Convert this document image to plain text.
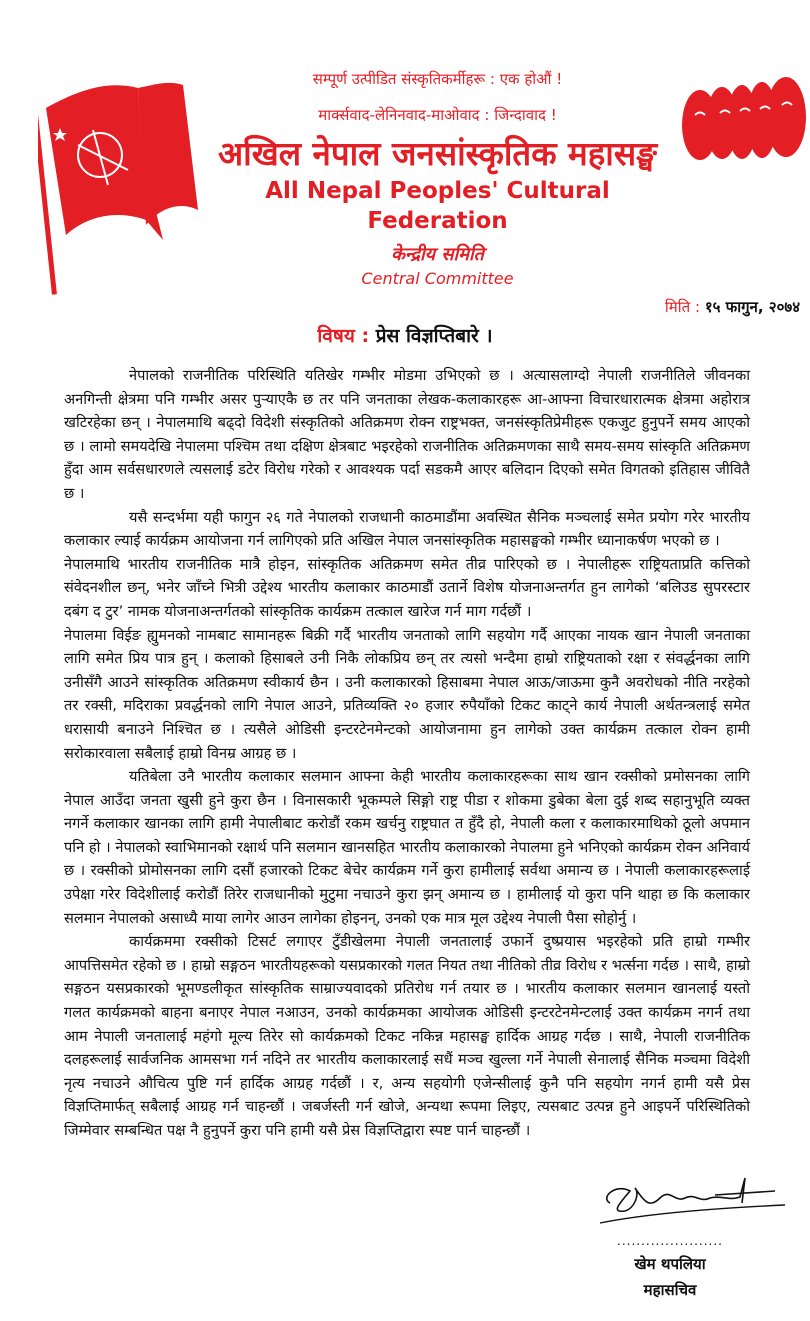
सम्पूर्ण उत्पीडित संस्कृतिकर्मीहरू : एक होऔं !
मार्क्सवाद-लेनिनवाद-माओवाद : जिन्दावाद !
अखिल नेपाल जनसांस्कृतिक महासङ्घ
All Nepal Peoples' Cultural Federation
केन्द्रीय समिति
Central Committee
मिति : १५ फागुन, २०७४
विषय : प्रेस विज्ञप्तिबारे ।

नेपालको राजनीतिक परिस्थिति यतिखेर गम्भीर मोडमा उभिएको छ । अत्यासलाग्दो नेपाली राजनीतिले जीवनका अनगिन्ती क्षेत्रमा पनि गम्भीर असर पुऱ्याएकै छ तर पनि जनताका लेखक-कलाकारहरू आ-आफ्ना विचारधारात्मक क्षेत्रमा अहोरात्र खटिरहेका छन् । नेपालमाथि बढ्दो विदेशी संस्कृतिको अतिक्रमण रोक्न राष्ट्रभक्त, जनसंस्कृतिप्रेमीहरू एकजुट हुनुपर्ने समय आएको छ । लामो समयदेखि नेपालमा पश्चिम तथा दक्षिण क्षेत्रबाट भइरहेको राजनीतिक अतिक्रमणका साथै समय-समय सांस्कृति अतिक्रमण हुँदा आम सर्वसधारणले त्यसलाई डटेर विरोध गरेको र आवश्यक पर्दा सडकमै आएर बलिदान दिएको समेत विगतको इतिहास जीवितै छ ।

यसै सन्दर्भमा यही फागुन २६ गते नेपालको राजधानी काठमाडौंमा अवस्थित सैनिक मञ्चलाई समेत प्रयोग गरेर भारतीय कलाकार ल्याई कार्यक्रम आयोजना गर्न लागिएको प्रति अखिल नेपाल जनसांस्कृतिक महासङ्घको गम्भीर ध्यानाकर्षण भएको छ ।

नेपालमाथि भारतीय राजनीतिक मात्रै होइन, सांस्कृतिक अतिक्रमण समेत तीव्र पारिएको छ । नेपालीहरू राष्ट्रियताप्रति कत्तिको संवेदनशील छन्, भनेर जाँच्ने भित्री उद्देश्य भारतीय कलाकार काठमाडौं उतार्ने विशेष योजनाअन्तर्गत हुन लागेको ‘बलिउड सुपरस्टार दबंग द टुर’ नामक योजनाअन्तर्गतको सांस्कृतिक कार्यक्रम तत्काल खारेज गर्न माग गर्दछौं ।

नेपालमा विईङ ह्युमनको नामबाट सामानहरू बिक्री गर्दै भारतीय जनताको लागि सहयोग गर्दै आएका नायक खान नेपाली जनताका लागि समेत प्रिय पात्र हुन् । कलाको हिसाबले उनी निकै लोकप्रिय छन् तर त्यसो भन्दैमा हाम्रो राष्ट्रियताको रक्षा र संवर्द्धनका लागि उनीसँगै आउने सांस्कृतिक अतिक्रमण स्वीकार्य छैन । उनी कलाकारको हिसाबमा नेपाल आऊ/जाऊमा कुनै अवरोधको नीति नरहेको तर रक्सी, मदिराका प्रवर्द्धनको लागि नेपाल आउने, प्रतिव्यक्ति २० हजार रुपैयाँको टिकट काट्ने कार्य नेपाली अर्थतन्त्रलाई समेत धरासायी बनाउने निश्चित छ । त्यसैले ओडिसी इन्टरटेनमेन्टको आयोजनामा हुन लागेको उक्त कार्यक्रम तत्काल रोक्न हामी सरोकारवाला सबैलाई हाम्रो विनम्र आग्रह छ ।

यतिबेला उनै भारतीय कलाकार सलमान आफ्ना केही भारतीय कलाकारहरूका साथ खान रक्सीको प्रमोसनका लागि नेपाल आउँदा जनता खुसी हुने कुरा छैन । विनासकारी भूकम्पले सिङ्गो राष्ट्र पीडा र शोकमा डुबेका बेला दुई शब्द सहानुभूति व्यक्त नगर्ने कलाकार खानका लागि हामी नेपालीबाट करोडौं रकम खर्चनु राष्ट्रघात त हुँदै हो, नेपाली कला र कलाकारमाथिको ठूलो अपमान पनि हो । नेपालको स्वाभिमानको रक्षार्थ पनि सलमान खानसहित भारतीय कलाकारको नेपालमा हुने भनिएको कार्यक्रम रोक्न अनिवार्य छ । रक्सीको प्रोमोसनका लागि दसौं हजारको टिकट बेचेर कार्यक्रम गर्ने कुरा हामीलाई सर्वथा अमान्य छ । नेपाली कलाकारहरूलाई उपेक्षा गरेर विदेशीलाई करोडौं तिरेर राजधानीको मुटुमा नचाउने कुरा झन् अमान्य छ । हामीलाई यो कुरा पनि थाहा छ कि कलाकार सलमान नेपालको असाध्यै माया लागेर आउन लागेका होइनन्, उनको एक मात्र मूल उद्देश्य नेपाली पैसा सोहोर्नु ।

कार्यक्रममा रक्सीको टिसर्ट लगाएर टुँडीखेलमा नेपाली जनतालाई उफार्ने दुष्प्रयास भइरहेको प्रति हाम्रो गम्भीर आपत्तिसमेत रहेको छ । हाम्रो सङ्गठन भारतीयहरूको यसप्रकारको गलत नियत तथा नीतिको तीव्र विरोध र भर्त्सना गर्दछ । साथै, हाम्रो सङ्गठन यसप्रकारको भूमण्डलीकृत सांस्कृतिक साम्राज्यवादको प्रतिरोध गर्न तयार छ । भारतीय कलाकार सलमान खानलाई यस्तो गलत कार्यक्रमको बाहना बनाएर नेपाल नआउन, उनको कार्यक्रमका आयोजक ओडिसी इन्टरटेनमेन्टलाई उक्त कार्यक्रम नगर्न तथा आम नेपाली जनतालाई महंगो मूल्य तिरेर सो कार्यक्रमको टिकट नकिन्न महासङ्घ हार्दिक आग्रह गर्दछ । साथै, नेपाली राजनीतिक दलहरूलाई सार्वजनिक आमसभा गर्न नदिने तर भारतीय कलाकारलाई सधैं मञ्च खुल्ला गर्ने नेपाली सेनालाई सैनिक मञ्चमा विदेशी नृत्य नचाउने औचित्य पुष्टि गर्न हार्दिक आग्रह गर्दछौं । र, अन्य सहयोगी एजेन्सीलाई कुनै पनि सहयोग नगर्न हामी यसै प्रेस विज्ञप्तिमार्फत् सबैलाई आग्रह गर्न चाहन्छौं । जबर्जस्ती गर्न खोजे, अन्यथा रूपमा लिइए, त्यसबाट उत्पन्न हुने आइपर्ने परिस्थितिको जिम्मेवार सम्बन्धित पक्ष नै हुनुपर्ने कुरा पनि हामी यसै प्रेस विज्ञप्तिद्वारा स्पष्ट पार्न चाहन्छौं ।

......................
खेम थपलिया
महासचिव
